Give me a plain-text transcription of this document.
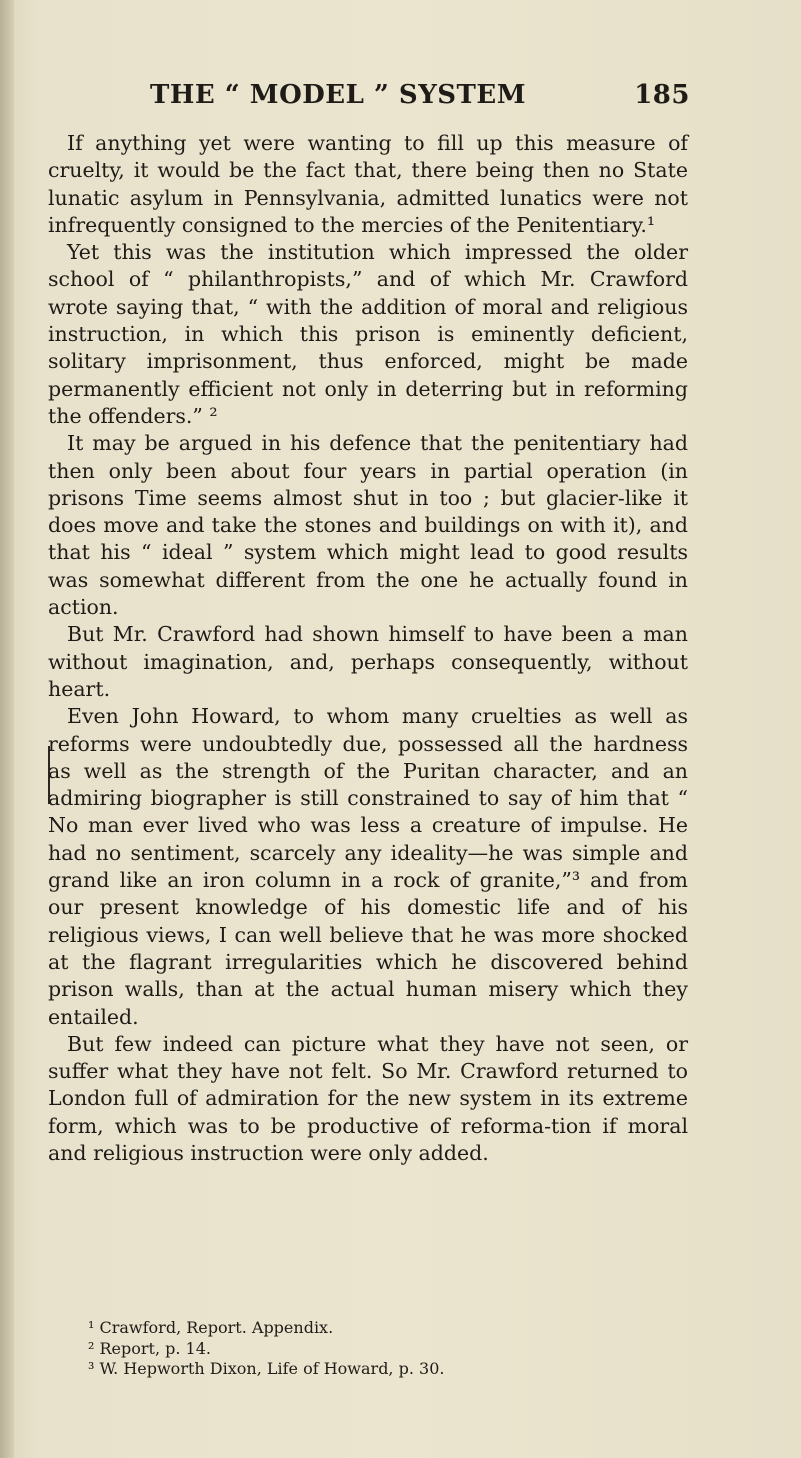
THE “ MODEL ” SYSTEM	185

If anything yet were wanting to fill up this measure of cruelty, it would be the fact that, there being then no State lunatic asylum in Pennsylvania, admitted lunatics were not infrequently consigned to the mercies of the Penitentiary.¹

Yet this was the institution which impressed the older school of “ philanthropists,” and of which Mr. Crawford wrote saying that, “ with the addition of moral and religious instruction, in which this prison is eminently deficient, solitary imprisonment, thus enforced, might be made permanently efficient not only in deterring but in reforming the offenders.” ²

It may be argued in his defence that the penitentiary had then only been about four years in partial operation (in prisons Time seems almost shut in too ; but glacier-like it does move and take the stones and buildings on with it), and that his “ ideal ” system which might lead to good results was somewhat different from the one he actually found in action.

But Mr. Crawford had shown himself to have been a man without imagination, and, perhaps consequently, without heart.

Even John Howard, to whom many cruelties as well as reforms were undoubtedly due, possessed all the hardness as well as the strength of the Puritan character, and an admiring biographer is still constrained to say of him that “ No man ever lived who was less a creature of impulse. He had no sentiment, scarcely any ideality—he was simple and grand like an iron column in a rock of granite,”³ and from our present knowledge of his domestic life and of his religious views, I can well believe that he was more shocked at the flagrant irregularities which he discovered behind prison walls, than at the actual human misery which they entailed.

But few indeed can picture what they have not seen, or suffer what they have not felt. So Mr. Crawford returned to London full of admiration for the new system in its extreme form, which was to be productive of reforma-tion if moral and religious instruction were only added.

¹ Crawford, Report. Appendix.

² Report, p. 14.

³ W. Hepworth Dixon, Life of Howard, p. 30.
